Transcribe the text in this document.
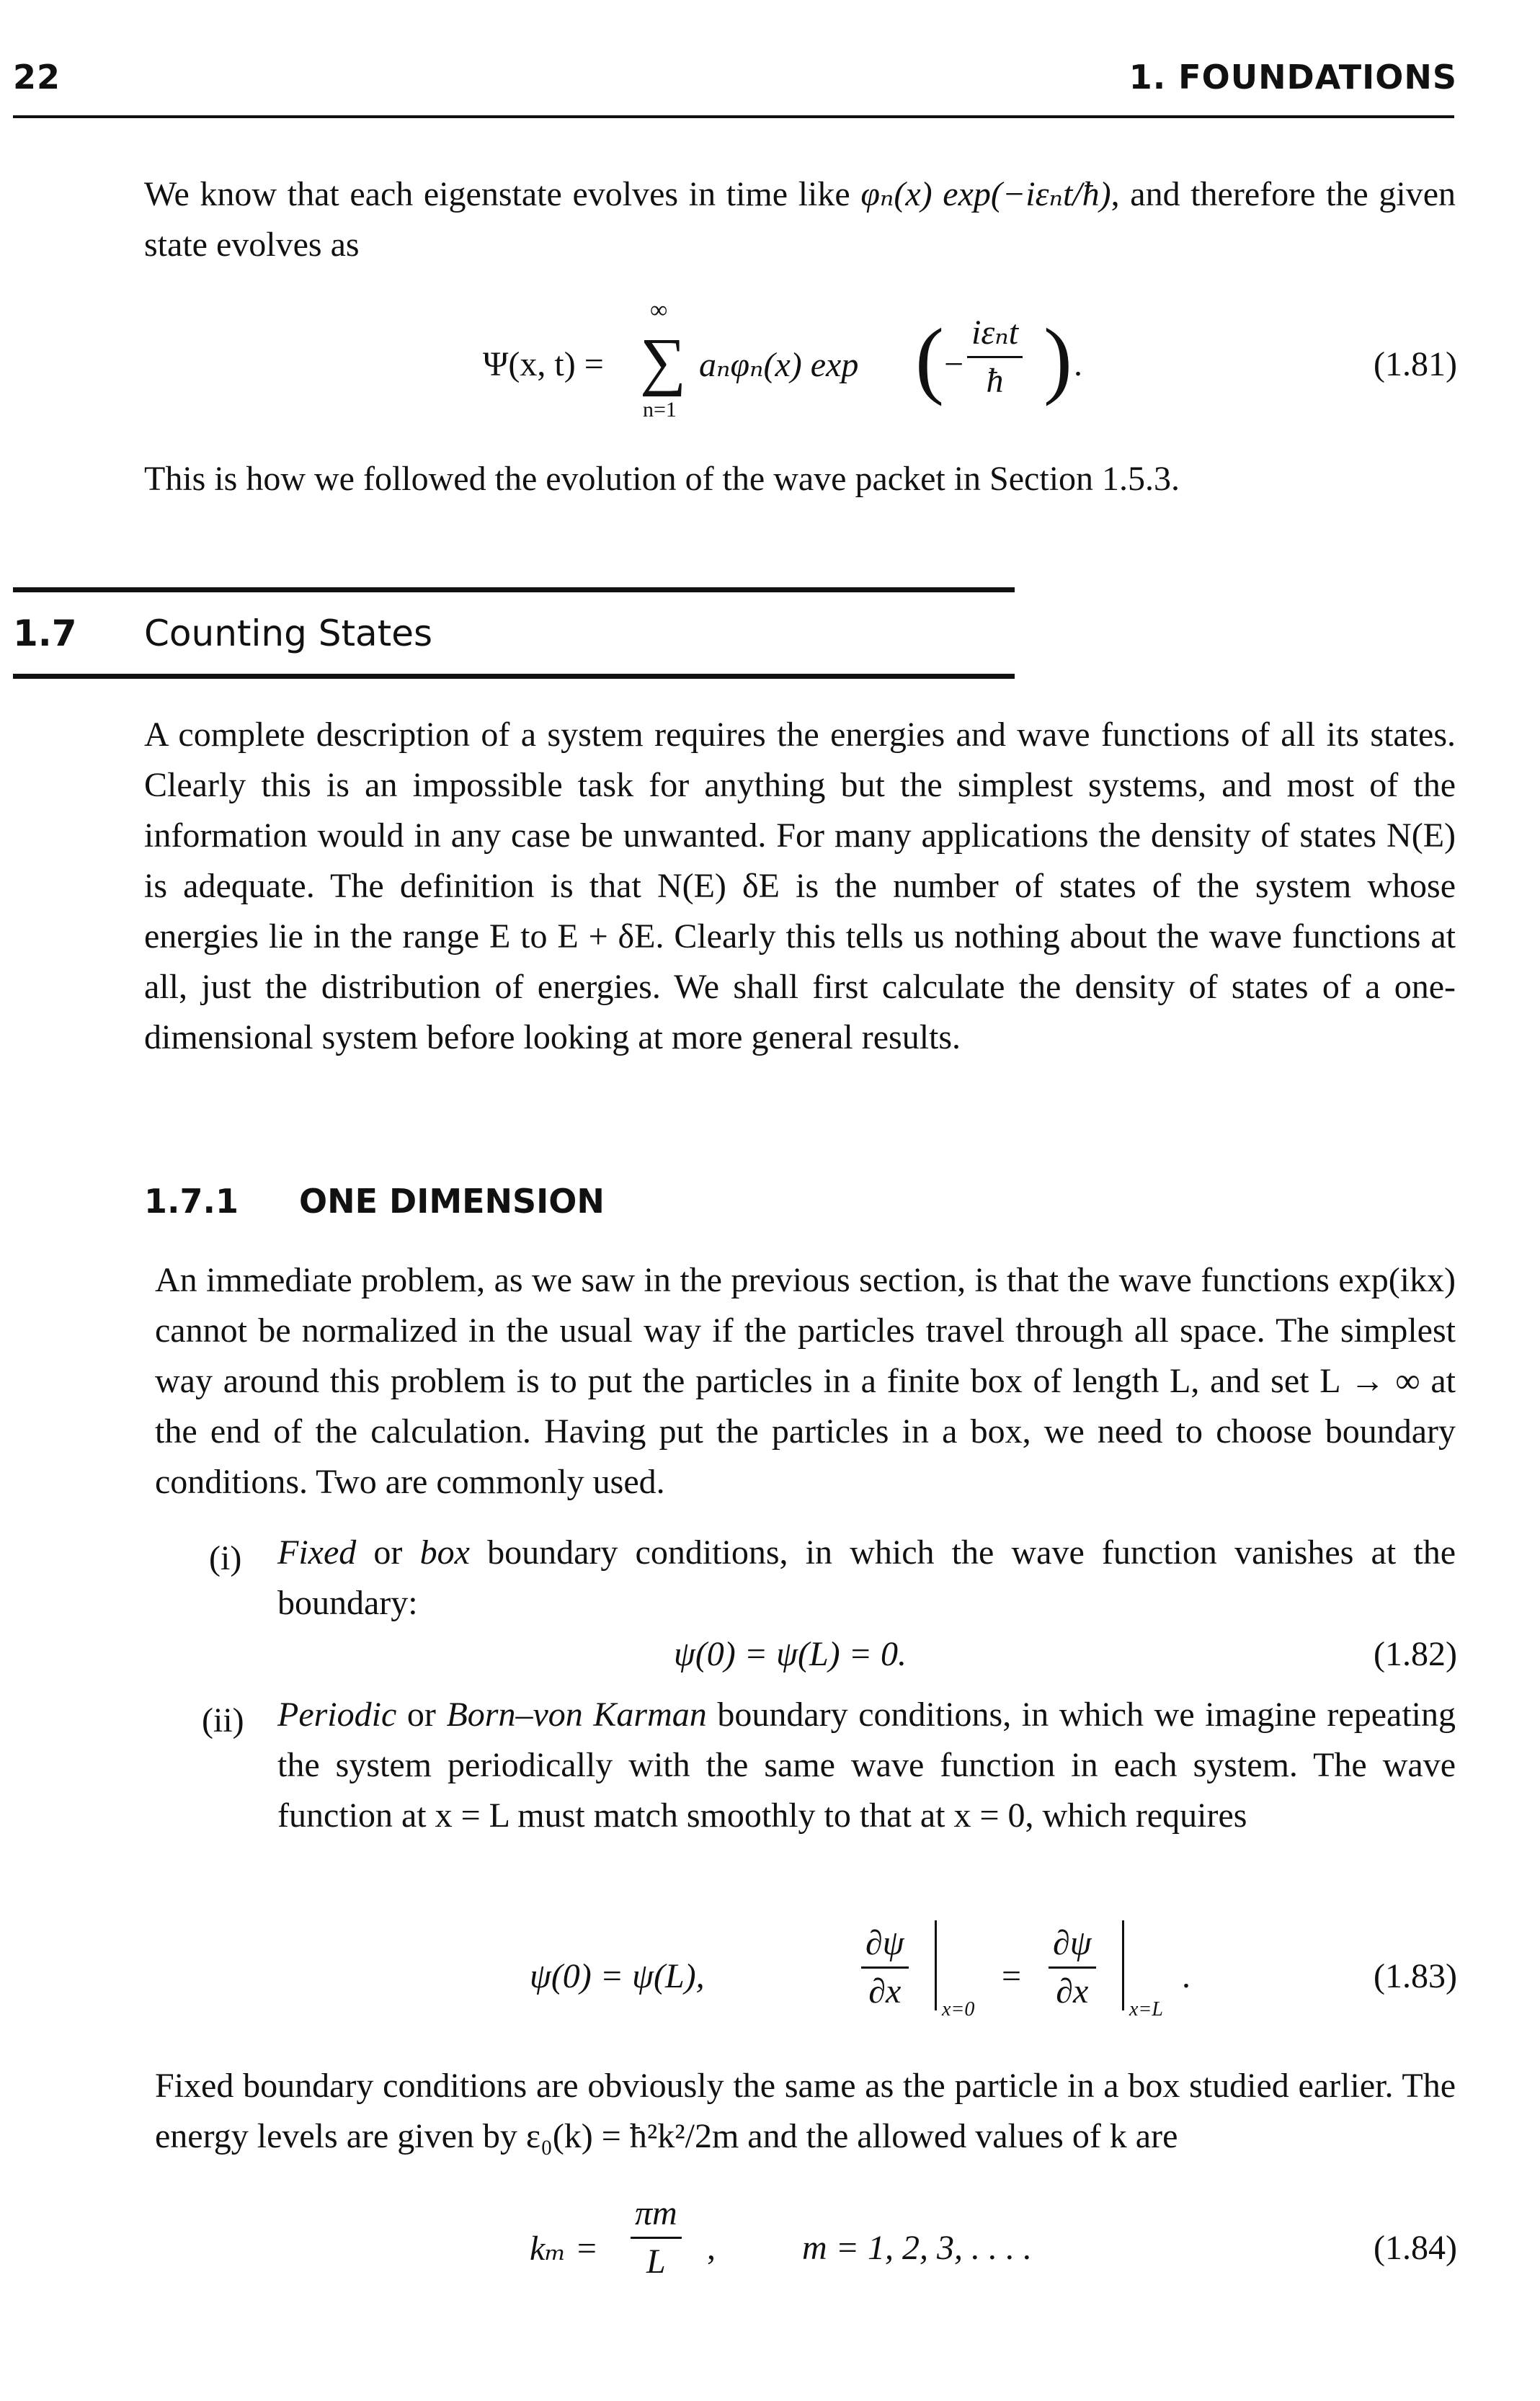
22	1. FOUNDATIONS
We know that each eigenstate evolves in time like φₙ(x) exp(−iεₙt/ħ), and therefore the given state evolves as
Ψ(x, t) =
∞
∑
n=1
aₙφₙ(x) exp ( −
iεₙt
ħ ) .	(1.81)
This is how we followed the evolution of the wave packet in Section 1.5.3.
1.7 Counting States
A complete description of a system requires the energies and wave functions of all its states. Clearly this is an impossible task for anything but the simplest systems, and most of the information would in any case be unwanted. For many applications the density of states N(E) is adequate. The definition is that N(E) δE is the number of states of the system whose energies lie in the range E to E + δE. Clearly this tells us nothing about the wave functions at all, just the distribution of energies. We shall first calculate the density of states of a one-dimensional system before looking at more general results.
1.7.1 ONE DIMENSION
An immediate problem, as we saw in the previous section, is that the wave functions exp(ikx) cannot be normalized in the usual way if the particles travel through all space. The simplest way around this problem is to put the particles in a finite box of length L, and set L → ∞ at the end of the calculation. Having put the particles in a box, we need to choose boundary conditions. Two are commonly used.
(i) Fixed or box boundary conditions, in which the wave function vanishes at the boundary:
ψ(0) = ψ(L) = 0.	(1.82)
(ii) Periodic or Born–von Karman boundary conditions, in which we imagine repeating the system periodically with the same wave function in each system. The wave function at x = L must match smoothly to that at x = 0, which requires
ψ(0) = ψ(L),	$\frac{\partial\psi}{\partial x} x=0$
= $\frac{\partial\psi}{\partial x} x=L$
.	(1.83)
Fixed boundary conditions are obviously the same as the particle in a box studied earlier. The energy levels are given by ε₀(k) = ħ²k²/2m and the allowed values of k are
$k_m = \frac{\pi m}{L}$ ,	m = 1, 2, 3, . . . .	(1.84)
